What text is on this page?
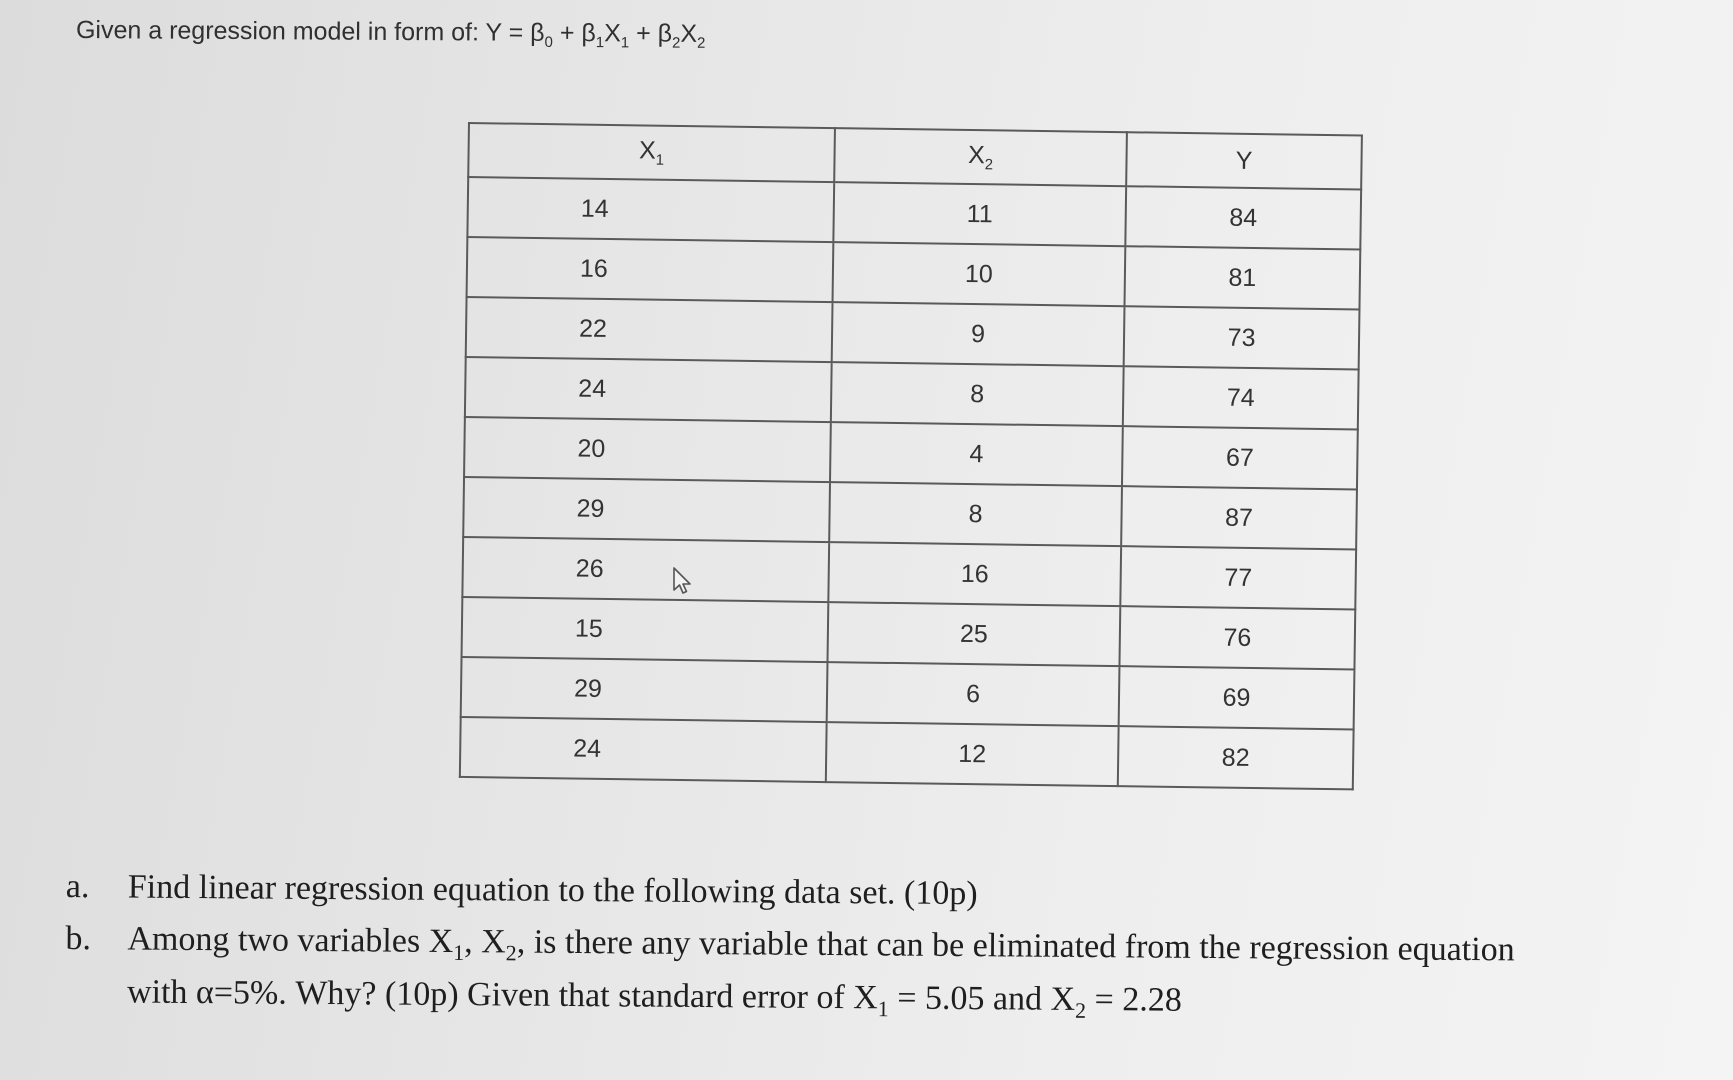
Given a regression model in form of: $Y = \beta_0 + \beta_1X_1 + \beta_2X_2$
$X_1$	$X_2$	Y
14	11	84
16	10	81
22	9	73
24	8	74
20	4	67
29	8	87
26	16	77
15	25	76
29	6	69
24	12	82
a.	Find linear regression equation to the following data set. (10p)
b.	Among two variables $X_1$, $X_2$, is there any variable that can be eliminated from the regression equation
with α=5%. Why? (10p) Given that standard error of $X_1 = 5.05$ and $X_2 = 2.28$
